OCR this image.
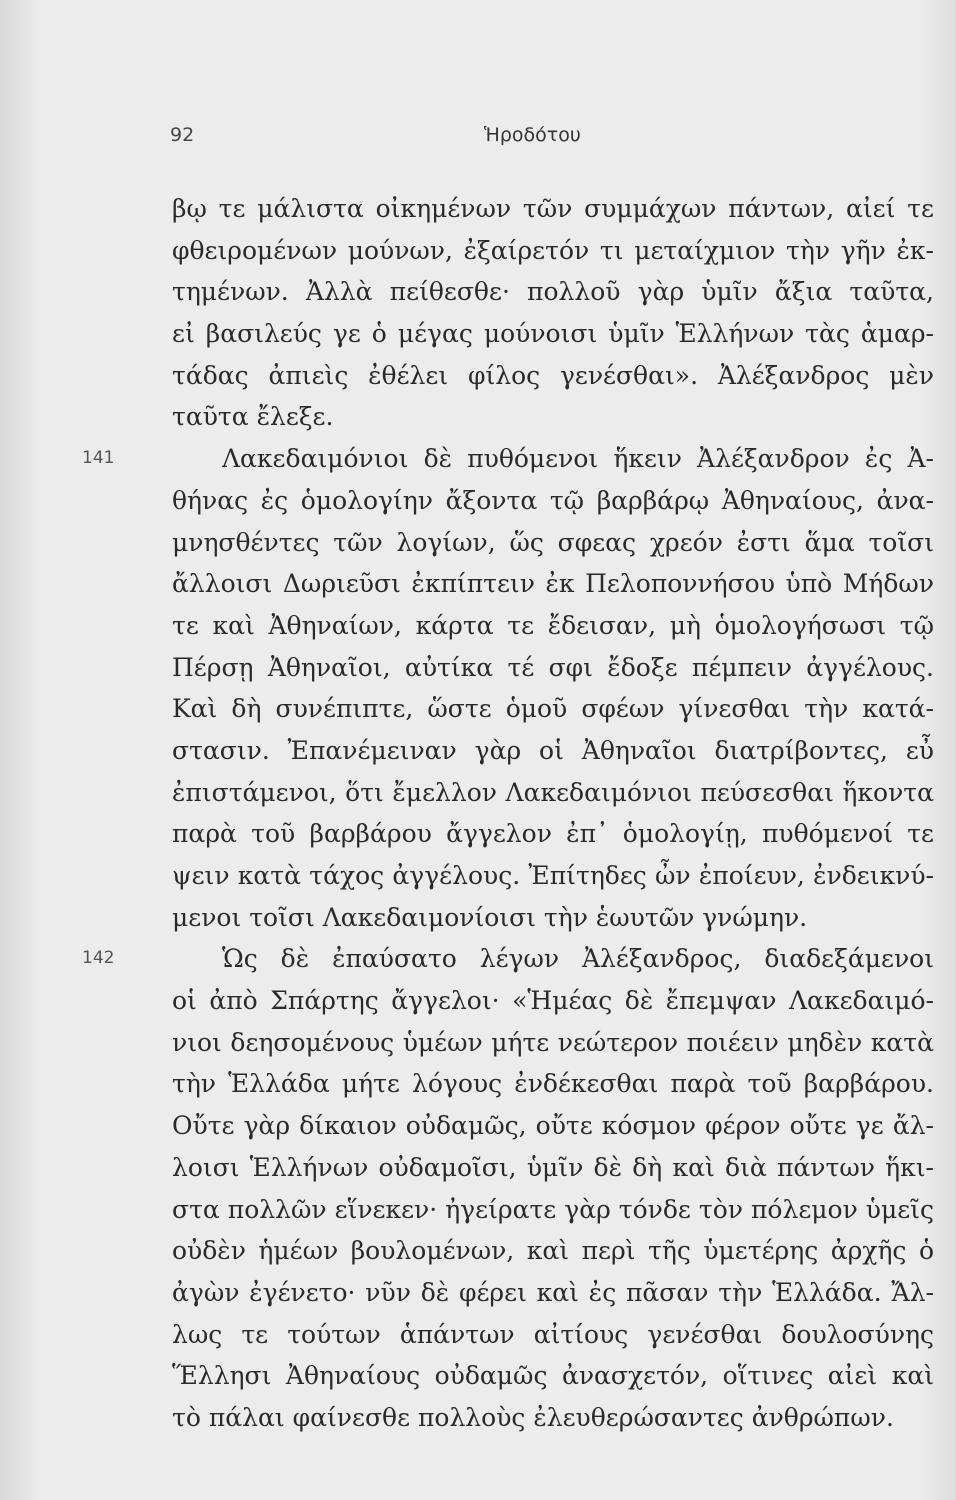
92	Ἡροδότου
βῳ τε μάλιστα οἰκημένων τῶν συμμάχων πάντων, αἰεί τε
φθειρομένων μούνων, ἐξαίρετόν τι μεταίχμιον τὴν γῆν ἐκ-
τημένων. Ἀλλὰ πείθεσθε· πολλοῦ γὰρ ὑμῖν ἄξια ταῦτα,
εἰ βασιλεύς γε ὁ μέγας μούνοισι ὑμῖν Ἑλλήνων τὰς ἁμαρ-
τάδας ἀπιεὶς ἐθέλει φίλος γενέσθαι». Ἀλέξανδρος μὲν
ταῦτα ἔλεξε.
141	Λακεδαιμόνιοι δὲ πυθόμενοι ἥκειν Ἀλέξανδρον ἐς Ἀ-
θήνας ἐς ὁμολογίην ἄξοντα τῷ βαρβάρῳ Ἀθηναίους, ἀνα-
μνησθέντες τῶν λογίων, ὥς σφεας χρεόν ἐστι ἅμα τοῖσι
ἄλλοισι Δωριεῦσι ἐκπίπτειν ἐκ Πελοποννήσου ὑπὸ Μήδων
τε καὶ Ἀθηναίων, κάρτα τε ἔδεισαν, μὴ ὁμολογήσωσι τῷ
Πέρσῃ Ἀθηναῖοι, αὐτίκα τέ σφι ἔδοξε πέμπειν ἀγγέλους.
Καὶ δὴ συνέπιπτε, ὥστε ὁμοῦ σφέων γίνεσθαι τὴν κατά-
στασιν. Ἐπανέμειναν γὰρ οἱ Ἀθηναῖοι διατρίβοντες, εὖ
ἐπιστάμενοι, ὅτι ἔμελλον Λακεδαιμόνιοι πεύσεσθαι ἥκοντα
παρὰ τοῦ βαρβάρου ἄγγελον ἐπ᾽ ὁμολογίῃ, πυθόμενοί τε
ψειν κατὰ τάχος ἀγγέλους. Ἐπίτηδες ὦν ἐποίευν, ἐνδεικνύ-
μενοι τοῖσι Λακεδαιμονίοισι τὴν ἑωυτῶν γνώμην.
142	Ὡς δὲ ἐπαύσατο λέγων Ἀλέξανδρος, διαδεξάμενοι
οἱ ἀπὸ Σπάρτης ἄγγελοι· «Ἡμέας δὲ ἔπεμψαν Λακεδαιμό-
νιοι δεησομένους ὑμέων μήτε νεώτερον ποιέειν μηδὲν κατὰ
τὴν Ἑλλάδα μήτε λόγους ἐνδέκεσθαι παρὰ τοῦ βαρβάρου.
Οὔτε γὰρ δίκαιον οὐδαμῶς, οὔτε κόσμον φέρον οὔτε γε ἄλ-
λοισι Ἑλλήνων οὐδαμοῖσι, ὑμῖν δὲ δὴ καὶ διὰ πάντων ἥκι-
στα πολλῶν εἵνεκεν· ἠγείρατε γὰρ τόνδε τὸν πόλεμον ὑμεῖς
οὐδὲν ἡμέων βουλομένων, καὶ περὶ τῆς ὑμετέρης ἀρχῆς ὁ
ἀγὼν ἐγένετο· νῦν δὲ φέρει καὶ ἐς πᾶσαν τὴν Ἑλλάδα. Ἄλ-
λως τε τούτων ἁπάντων αἰτίους γενέσθαι δουλοσύνης
Ἕλλησι Ἀθηναίους οὐδαμῶς ἀνασχετόν, οἵτινες αἰεὶ καὶ
τὸ πάλαι φαίνεσθε πολλοὺς ἐλευθερώσαντες ἀνθρώπων.
